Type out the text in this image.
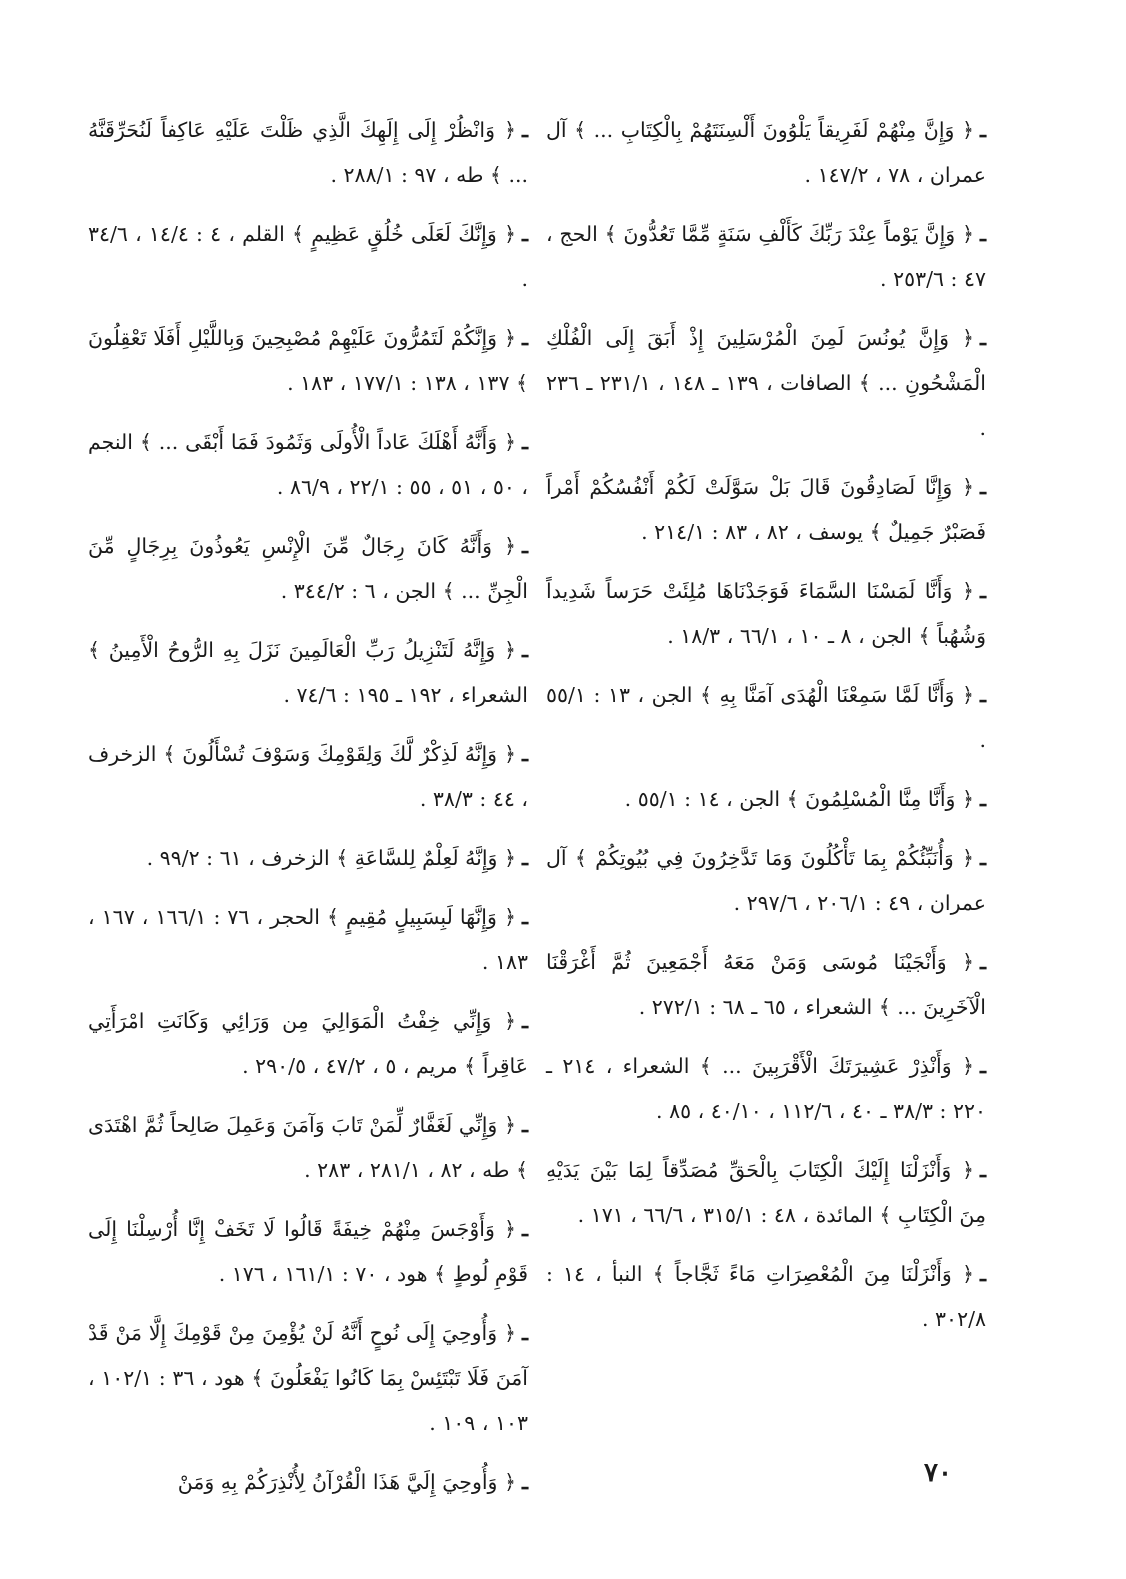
ـ﴿ وَإِنَّ مِنْهُمْ لَفَرِيقاً يَلْوُونَ أَلْسِنَتَهُمْ بِالْكِتَابِ ... ﴾ آل عمران ، ٧٨ ، ١٤٧/٢ .

ـ﴿ وَإِنَّ يَوْماً عِنْدَ رَبِّكَ كَأَلْفِ سَنَةٍ مِّمَّا تَعُدُّونَ ﴾ الحج ، ٤٧ : ٢٥٣/٦ .

ـ﴿ وَإِنَّ يُونُسَ لَمِنَ الْمُرْسَلِينَ إِذْ أَبَقَ إِلَى الْفُلْكِ الْمَشْحُونِ ... ﴾ الصافات ، ١٣٩ ـ ١٤٨ ، ٢٣١/١ ـ ٢٣٦ .

ـ﴿ وَإِنَّا لَصَادِقُونَ قَالَ بَلْ سَوَّلَتْ لَكُمْ أَنْفُسُكُمْ أَمْراً فَصَبْرٌ جَمِيلٌ ﴾ يوسف ، ٨٢ ، ٨٣ : ٢١٤/١ .

ـ﴿ وَأَنَّا لَمَسْنَا السَّمَاءَ فَوَجَدْنَاهَا مُلِئَتْ حَرَساً شَدِيداً وَشُهُباً ﴾ الجن ، ٨ ـ ١٠ ، ٦٦/١ ، ١٨/٣ .

ـ﴿ وَأَنَّا لَمَّا سَمِعْنَا الْهُدَى آمَنَّا بِهِ ﴾ الجن ، ١٣ : ٥٥/١ .

ـ﴿ وَأَنَّا مِنَّا الْمُسْلِمُونَ ﴾ الجن ، ١٤ : ٥٥/١ .

ـ﴿ وَأُنَبِّئُكُمْ بِمَا تَأْكُلُونَ وَمَا تَدَّخِرُونَ فِي بُيُوتِكُمْ ﴾ آل عمران ، ٤٩ : ٢٠٦/١ ، ٢٩٧/٦ .

ـ﴿ وَأَنْجَيْنَا مُوسَى وَمَنْ مَعَهُ أَجْمَعِينَ ثُمَّ أَغْرَقْنَا الْآخَرِينَ ... ﴾ الشعراء ، ٦٥ ـ ٦٨ : ٢٧٢/١ .

ـ﴿ وَأَنْذِرْ عَشِيرَتَكَ الْأَقْرَبِينَ ... ﴾ الشعراء ، ٢١٤ ـ ٢٢٠ : ٣٨/٣ ـ ٤٠ ، ١١٢/٦ ، ٤٠/١٠ ، ٨٥ .

ـ﴿ وَأَنْزَلْنَا إِلَيْكَ الْكِتَابَ بِالْحَقِّ مُصَدِّقاً لِمَا بَيْنَ يَدَيْهِ مِنَ الْكِتَابِ ﴾ المائدة ، ٤٨ : ٣١٥/١ ، ٦٦/٦ ، ١٧١ .

ـ﴿ وَأَنْزَلْنَا مِنَ الْمُعْصِرَاتِ مَاءً ثَجَّاجاً ﴾ النبأ ، ١٤ : ٣٠٢/٨ .

ـ﴿ وَانْظُرْ إِلَى إِلَهِكَ الَّذِي ظَلْتَ عَلَيْهِ عَاكِفاً لَنُحَرِّقَنَّهُ ... ﴾ طه ، ٩٧ : ٢٨٨/١ .

ـ﴿ وَإِنَّكَ لَعَلَى خُلُقٍ عَظِيمٍ ﴾ القلم ، ٤ : ١٤/٤ ، ٣٤/٦ .

ـ﴿ وَإِنَّكُمْ لَتَمُرُّونَ عَلَيْهِمْ مُصْبِحِينَ وَبِاللَّيْلِ أَفَلَا تَعْقِلُونَ ﴾ ١٣٧ ، ١٣٨ : ١٧٧/١ ، ١٨٣ .

ـ﴿ وَأَنَّهُ أَهْلَكَ عَاداً الْأُولَى وَثَمُودَ فَمَا أَبْقَى ... ﴾ النجم ، ٥٠ ، ٥١ ، ٥٥ : ٢٢/١ ، ٨٦/٩ .

ـ﴿ وَأَنَّهُ كَانَ رِجَالٌ مِّنَ الْإِنْسِ يَعُوذُونَ بِرِجَالٍ مِّنَ الْجِنِّ ... ﴾ الجن ، ٦ : ٣٤٤/٢ .

ـ﴿ وَإِنَّهُ لَتَنْزِيلُ رَبِّ الْعَالَمِينَ نَزَلَ بِهِ الرُّوحُ الْأَمِينُ ﴾ الشعراء ، ١٩٢ ـ ١٩٥ : ٧٤/٦ .

ـ﴿ وَإِنَّهُ لَذِكْرٌ لَّكَ وَلِقَوْمِكَ وَسَوْفَ تُسْأَلُونَ ﴾ الزخرف ، ٤٤ : ٣٨/٣ .

ـ﴿ وَإِنَّهُ لَعِلْمٌ لِلسَّاعَةِ ﴾ الزخرف ، ٦١ : ٩٩/٢ .

ـ﴿ وَإِنَّهَا لَبِسَبِيلٍ مُقِيمٍ ﴾ الحجر ، ٧٦ : ١٦٦/١ ، ١٦٧ ، ١٨٣ .

ـ﴿ وَإِنِّي خِفْتُ الْمَوَالِيَ مِن وَرَائِي وَكَانَتِ امْرَأَتِي عَاقِراً ﴾ مريم ، ٥ ، ٤٧/٢ ، ٢٩٠/٥ .

ـ﴿ وَإِنِّي لَغَفَّارٌ لِّمَنْ تَابَ وَآمَنَ وَعَمِلَ صَالِحاً ثُمَّ اهْتَدَى ﴾ طه ، ٨٢ ، ٢٨١/١ ، ٢٨٣ .

ـ﴿ وَأَوْجَسَ مِنْهُمْ خِيفَةً قَالُوا لَا تَخَفْ إِنَّا أُرْسِلْنَا إِلَى قَوْمِ لُوطٍ ﴾ هود ، ٧٠ : ١٦١/١ ، ١٧٦ .

ـ﴿ وَأُوحِيَ إِلَى نُوحٍ أَنَّهُ لَنْ يُؤْمِنَ مِنْ قَوْمِكَ إِلَّا مَنْ قَدْ آمَنَ فَلَا تَبْتَئِسْ بِمَا كَانُوا يَفْعَلُونَ ﴾ هود ، ٣٦ : ١٠٢/١ ، ١٠٣ ، ١٠٩ .

ـ﴿ وَأُوحِيَ إِلَيَّ هَذَا الْقُرْآنُ لِأُنْذِرَكُمْ بِهِ وَمَنْ	٧٠
